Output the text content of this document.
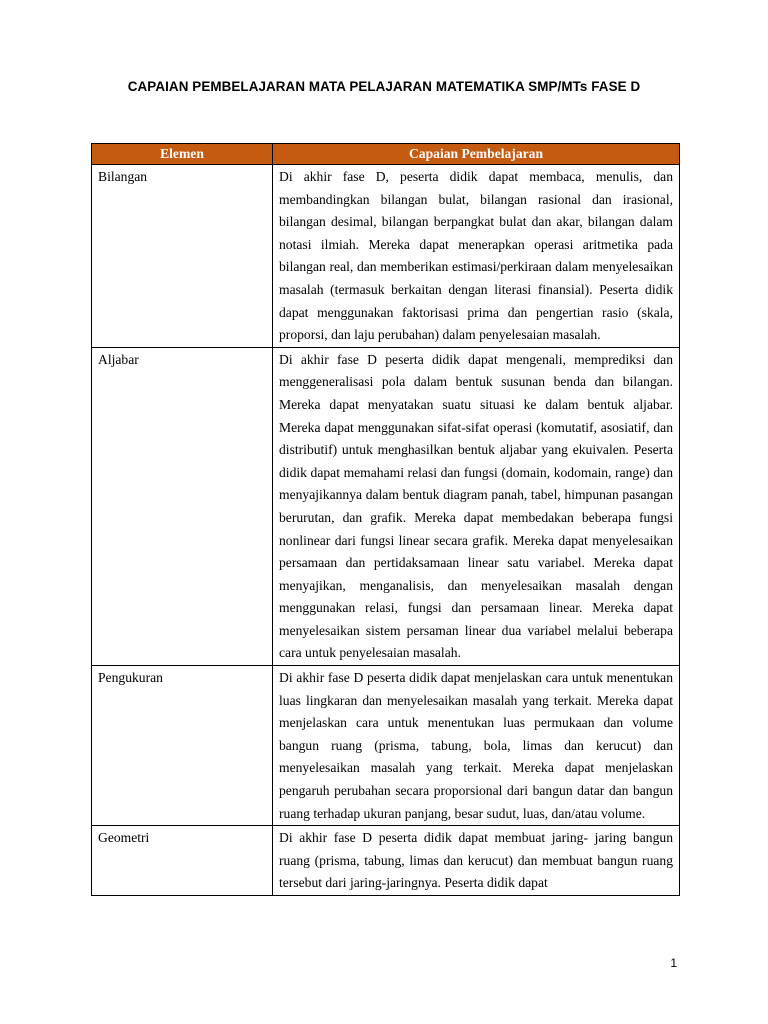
CAPAIAN PEMBELAJARAN MATA PELAJARAN MATEMATIKA SMP/MTs FASE D
Elemen	Capaian Pembelajaran
Bilangan	Di akhir fase D, peserta didik dapat membaca, menulis, dan membandingkan bilangan bulat, bilangan rasional dan irasional, bilangan desimal, bilangan berpangkat bulat dan akar, bilangan dalam notasi ilmiah. Mereka dapat menerapkan operasi aritmetika pada bilangan real, dan memberikan estimasi/perkiraan dalam menyelesaikan masalah (termasuk berkaitan dengan literasi finansial). Peserta didik dapat menggunakan faktorisasi prima dan pengertian rasio (skala, proporsi, dan laju perubahan) dalam penyelesaian masalah.
Aljabar	Di akhir fase D peserta didik dapat mengenali, memprediksi dan menggeneralisasi pola dalam bentuk susunan benda dan bilangan. Mereka dapat menyatakan suatu situasi ke dalam bentuk aljabar. Mereka dapat menggunakan sifat-sifat operasi (komutatif, asosiatif, dan distributif) untuk menghasilkan bentuk aljabar yang ekuivalen. Peserta didik dapat memahami relasi dan fungsi (domain, kodomain, range) dan menyajikannya dalam bentuk diagram panah, tabel, himpunan pasangan berurutan, dan grafik. Mereka dapat membedakan beberapa fungsi nonlinear dari fungsi linear secara grafik. Mereka dapat menyelesaikan persamaan dan pertidaksamaan linear satu variabel. Mereka dapat menyajikan, menganalisis, dan menyelesaikan masalah dengan menggunakan relasi, fungsi dan persamaan linear. Mereka dapat menyelesaikan sistem persaman linear dua variabel melalui beberapa cara untuk penyelesaian masalah.
Pengukuran	Di akhir fase D peserta didik dapat menjelaskan cara untuk menentukan luas lingkaran dan menyelesaikan masalah yang terkait. Mereka dapat menjelaskan cara untuk menentukan luas permukaan dan volume bangun ruang (prisma, tabung, bola, limas dan kerucut) dan menyelesaikan masalah yang terkait. Mereka dapat menjelaskan pengaruh perubahan secara proporsional dari bangun datar dan bangun ruang terhadap ukuran panjang, besar sudut, luas, dan/atau volume.
Geometri	Di akhir fase D peserta didik dapat membuat jaring- jaring bangun ruang (prisma, tabung, limas dan kerucut) dan membuat bangun ruang tersebut dari jaring-jaringnya. Peserta didik dapat
1
